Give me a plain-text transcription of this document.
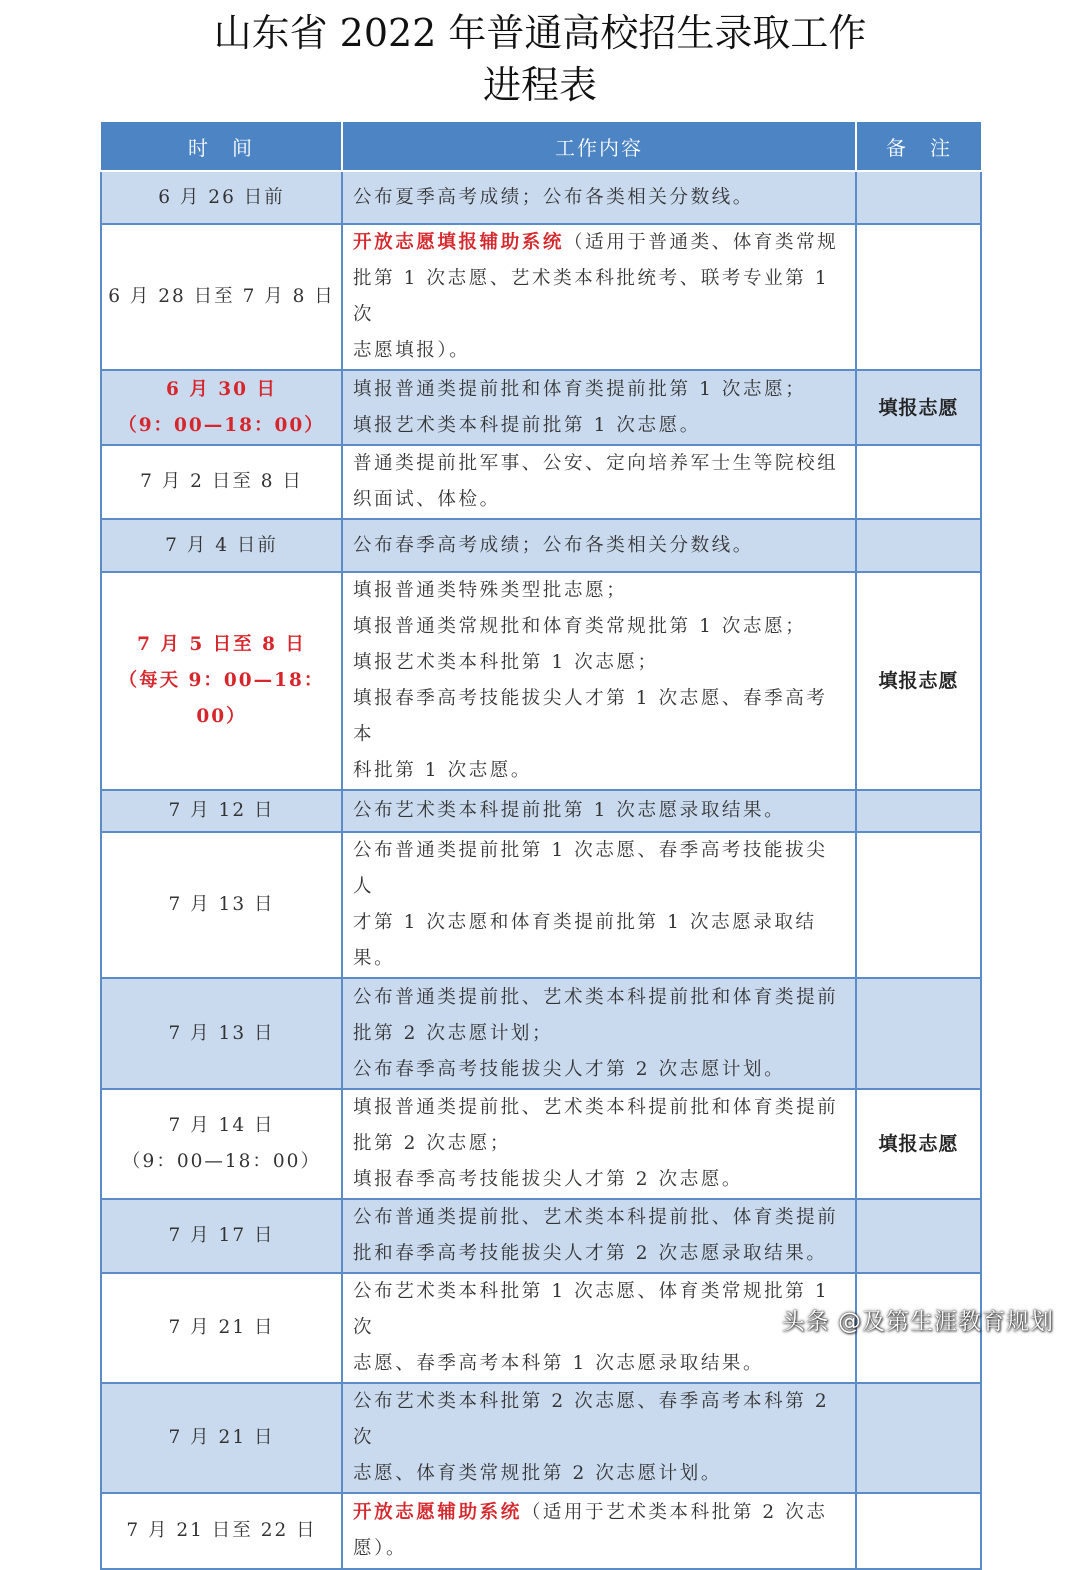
山东省 2022 年普通高校招生录取工作
进程表
时　间	工作内容	备　注

6 月 26 日前	公布夏季高考成绩；公布各类相关分数线。	

6 月 28 日至 7 月 8 日	开放志愿填报辅助系统（适用于普通类、体育类常规
批第 1 次志愿、艺术类本科批统考、联考专业第 1 次
志愿填报）。	

6 月 30 日
（9：00—18：00）	填报普通类提前批和体育类提前批第 1 次志愿；
填报艺术类本科提前批第 1 次志愿。	填报志愿

7 月 2 日至 8 日	普通类提前批军事、公安、定向培养军士生等院校组
织面试、体检。	

7 月 4 日前	公布春季高考成绩；公布各类相关分数线。	

7 月 5 日至 8 日
（每天 9：00—18：00）	填报普通类特殊类型批志愿；
填报普通类常规批和体育类常规批第 1 次志愿；
填报艺术类本科批第 1 次志愿；
填报春季高考技能拔尖人才第 1 次志愿、春季高考本
科批第 1 次志愿。	填报志愿

7 月 12 日	公布艺术类本科提前批第 1 次志愿录取结果。	

7 月 13 日	公布普通类提前批第 1 次志愿、春季高考技能拔尖人
才第 1 次志愿和体育类提前批第 1 次志愿录取结果。	

7 月 13 日	公布普通类提前批、艺术类本科提前批和体育类提前
批第 2 次志愿计划；
公布春季高考技能拔尖人才第 2 次志愿计划。	

7 月 14 日
（9：00—18：00）	填报普通类提前批、艺术类本科提前批和体育类提前
批第 2 次志愿；
填报春季高考技能拔尖人才第 2 次志愿。	填报志愿

7 月 17 日	公布普通类提前批、艺术类本科提前批、体育类提前
批和春季高考技能拔尖人才第 2 次志愿录取结果。	

7 月 21 日	公布艺术类本科批第 1 次志愿、体育类常规批第 1 次
志愿、春季高考本科第 1 次志愿录取结果。	

7 月 21 日	公布艺术类本科批第 2 次志愿、春季高考本科第 2 次
志愿、体育类常规批第 2 次志愿计划。	

7 月 21 日至 22 日	开放志愿辅助系统（适用于艺术类本科批第 2 次志
愿）。	

头条 @及第生涯教育规划
